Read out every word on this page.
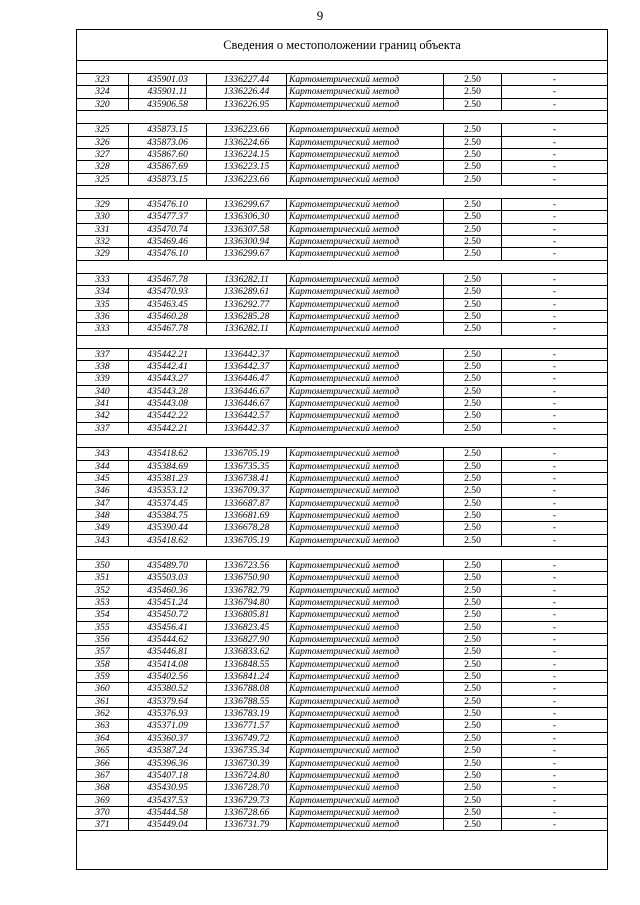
9
Сведения о местоположении границ объекта
323	435901.03	1336227.44	Картометрический метод	2.50	-
324	435901.11	1336226.44	Картометрический метод	2.50	-
320	435906.58	1336226.95	Картометрический метод	2.50	-
325	435873.15	1336223.66	Картометрический метод	2.50	-
326	435873.06	1336224.66	Картометрический метод	2.50	-
327	435867.60	1336224.15	Картометрический метод	2.50	-
328	435867.69	1336223.15	Картометрический метод	2.50	-
325	435873.15	1336223.66	Картометрический метод	2.50	-
329	435476.10	1336299.67	Картометрический метод	2.50	-
330	435477.37	1336306.30	Картометрический метод	2.50	-
331	435470.74	1336307.58	Картометрический метод	2.50	-
332	435469.46	1336300.94	Картометрический метод	2.50	-
329	435476.10	1336299.67	Картометрический метод	2.50	-
333	435467.78	1336282.11	Картометрический метод	2.50	-
334	435470.93	1336289.61	Картометрический метод	2.50	-
335	435463.45	1336292.77	Картометрический метод	2.50	-
336	435460.28	1336285.28	Картометрический метод	2.50	-
333	435467.78	1336282.11	Картометрический метод	2.50	-
337	435442.21	1336442.37	Картометрический метод	2.50	-
338	435442.41	1336442.37	Картометрический метод	2.50	-
339	435443.27	1336446.47	Картометрический метод	2.50	-
340	435443.28	1336446.67	Картометрический метод	2.50	-
341	435443.08	1336446.67	Картометрический метод	2.50	-
342	435442.22	1336442.57	Картометрический метод	2.50	-
337	435442.21	1336442.37	Картометрический метод	2.50	-
343	435418.62	1336705.19	Картометрический метод	2.50	-
344	435384.69	1336735.35	Картометрический метод	2.50	-
345	435381.23	1336738.41	Картометрический метод	2.50	-
346	435353.12	1336709.37	Картометрический метод	2.50	-
347	435374.45	1336687.87	Картометрический метод	2.50	-
348	435384.75	1336681.69	Картометрический метод	2.50	-
349	435390.44	1336678.28	Картометрический метод	2.50	-
343	435418.62	1336705.19	Картометрический метод	2.50	-
350	435489.70	1336723.56	Картометрический метод	2.50	-
351	435503.03	1336750.90	Картометрический метод	2.50	-
352	435460.36	1336782.79	Картометрический метод	2.50	-
353	435451.24	1336794.80	Картометрический метод	2.50	-
354	435450.72	1336805.81	Картометрический метод	2.50	-
355	435456.41	1336823.45	Картометрический метод	2.50	-
356	435444.62	1336827.90	Картометрический метод	2.50	-
357	435446.81	1336833.62	Картометрический метод	2.50	-
358	435414.08	1336848.55	Картометрический метод	2.50	-
359	435402.56	1336841.24	Картометрический метод	2.50	-
360	435380.52	1336788.08	Картометрический метод	2.50	-
361	435379.64	1336788.55	Картометрический метод	2.50	-
362	435376.93	1336783.19	Картометрический метод	2.50	-
363	435371.09	1336771.57	Картометрический метод	2.50	-
364	435360.37	1336749.72	Картометрический метод	2.50	-
365	435387.24	1336735.34	Картометрический метод	2.50	-
366	435396.36	1336730.39	Картометрический метод	2.50	-
367	435407.18	1336724.80	Картометрический метод	2.50	-
368	435430.95	1336728.70	Картометрический метод	2.50	-
369	435437.53	1336729.73	Картометрический метод	2.50	-
370	435444.58	1336728.66	Картометрический метод	2.50	-
371	435449.04	1336731.79	Картометрический метод	2.50	-
